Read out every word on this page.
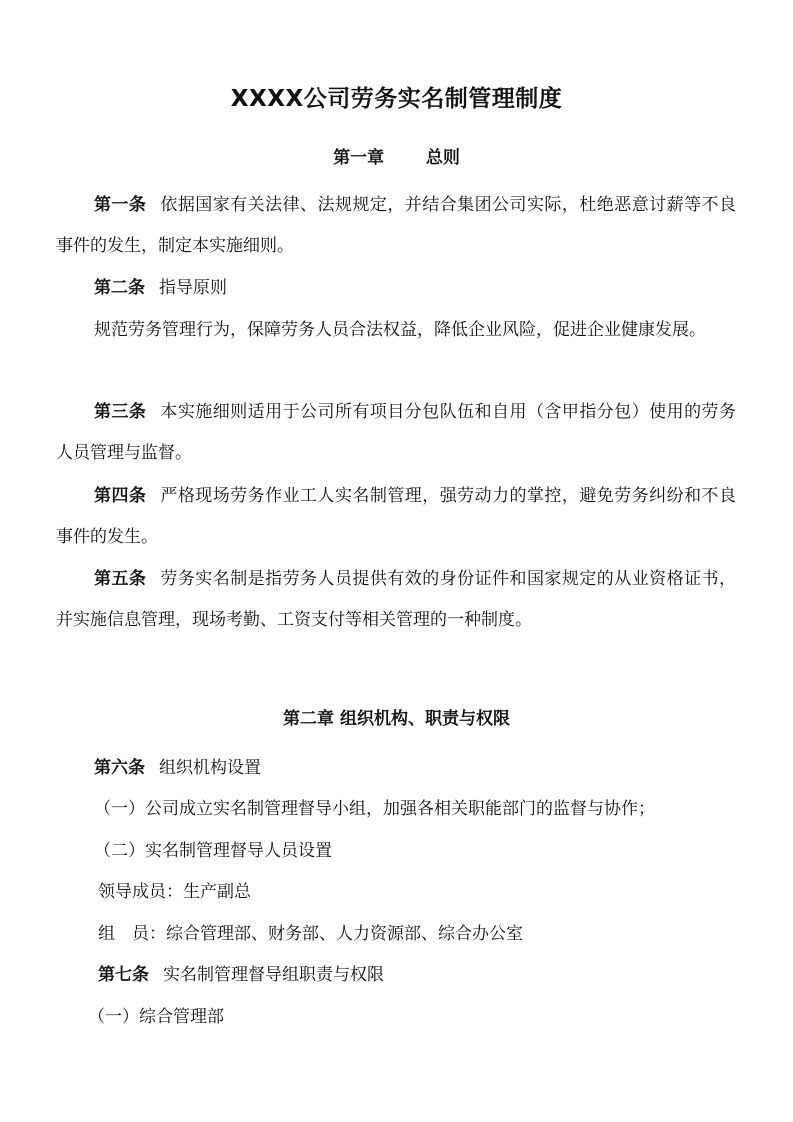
XXXX公司劳务实名制管理制度
第一章 总则
第一条 依据国家有关法律、法规规定，并结合集团公司实际，杜绝恶意讨薪等不良事件的发生，制定本实施细则。
第二条 指导原则
规范劳务管理行为，保障劳务人员合法权益，降低企业风险，促进企业健康发展。
第三条 本实施细则适用于公司所有项目分包队伍和自用（含甲指分包）使用的劳务人员管理与监督。
第四条 严格现场劳务作业工人实名制管理，强劳动力的掌控，避免劳务纠纷和不良事件的发生。
第五条 劳务实名制是指劳务人员提供有效的身份证件和国家规定的从业资格证书，并实施信息管理，现场考勤、工资支付等相关管理的一种制度。
第二章 组织机构、职责与权限
第六条 组织机构设置
（一）公司成立实名制管理督导小组，加强各相关职能部门的监督与协作；
（二）实名制管理督导人员设置
领导成员：生产副总
组　员：综合管理部、财务部、人力资源部、综合办公室
第七条 实名制管理督导组职责与权限
（一）综合管理部
